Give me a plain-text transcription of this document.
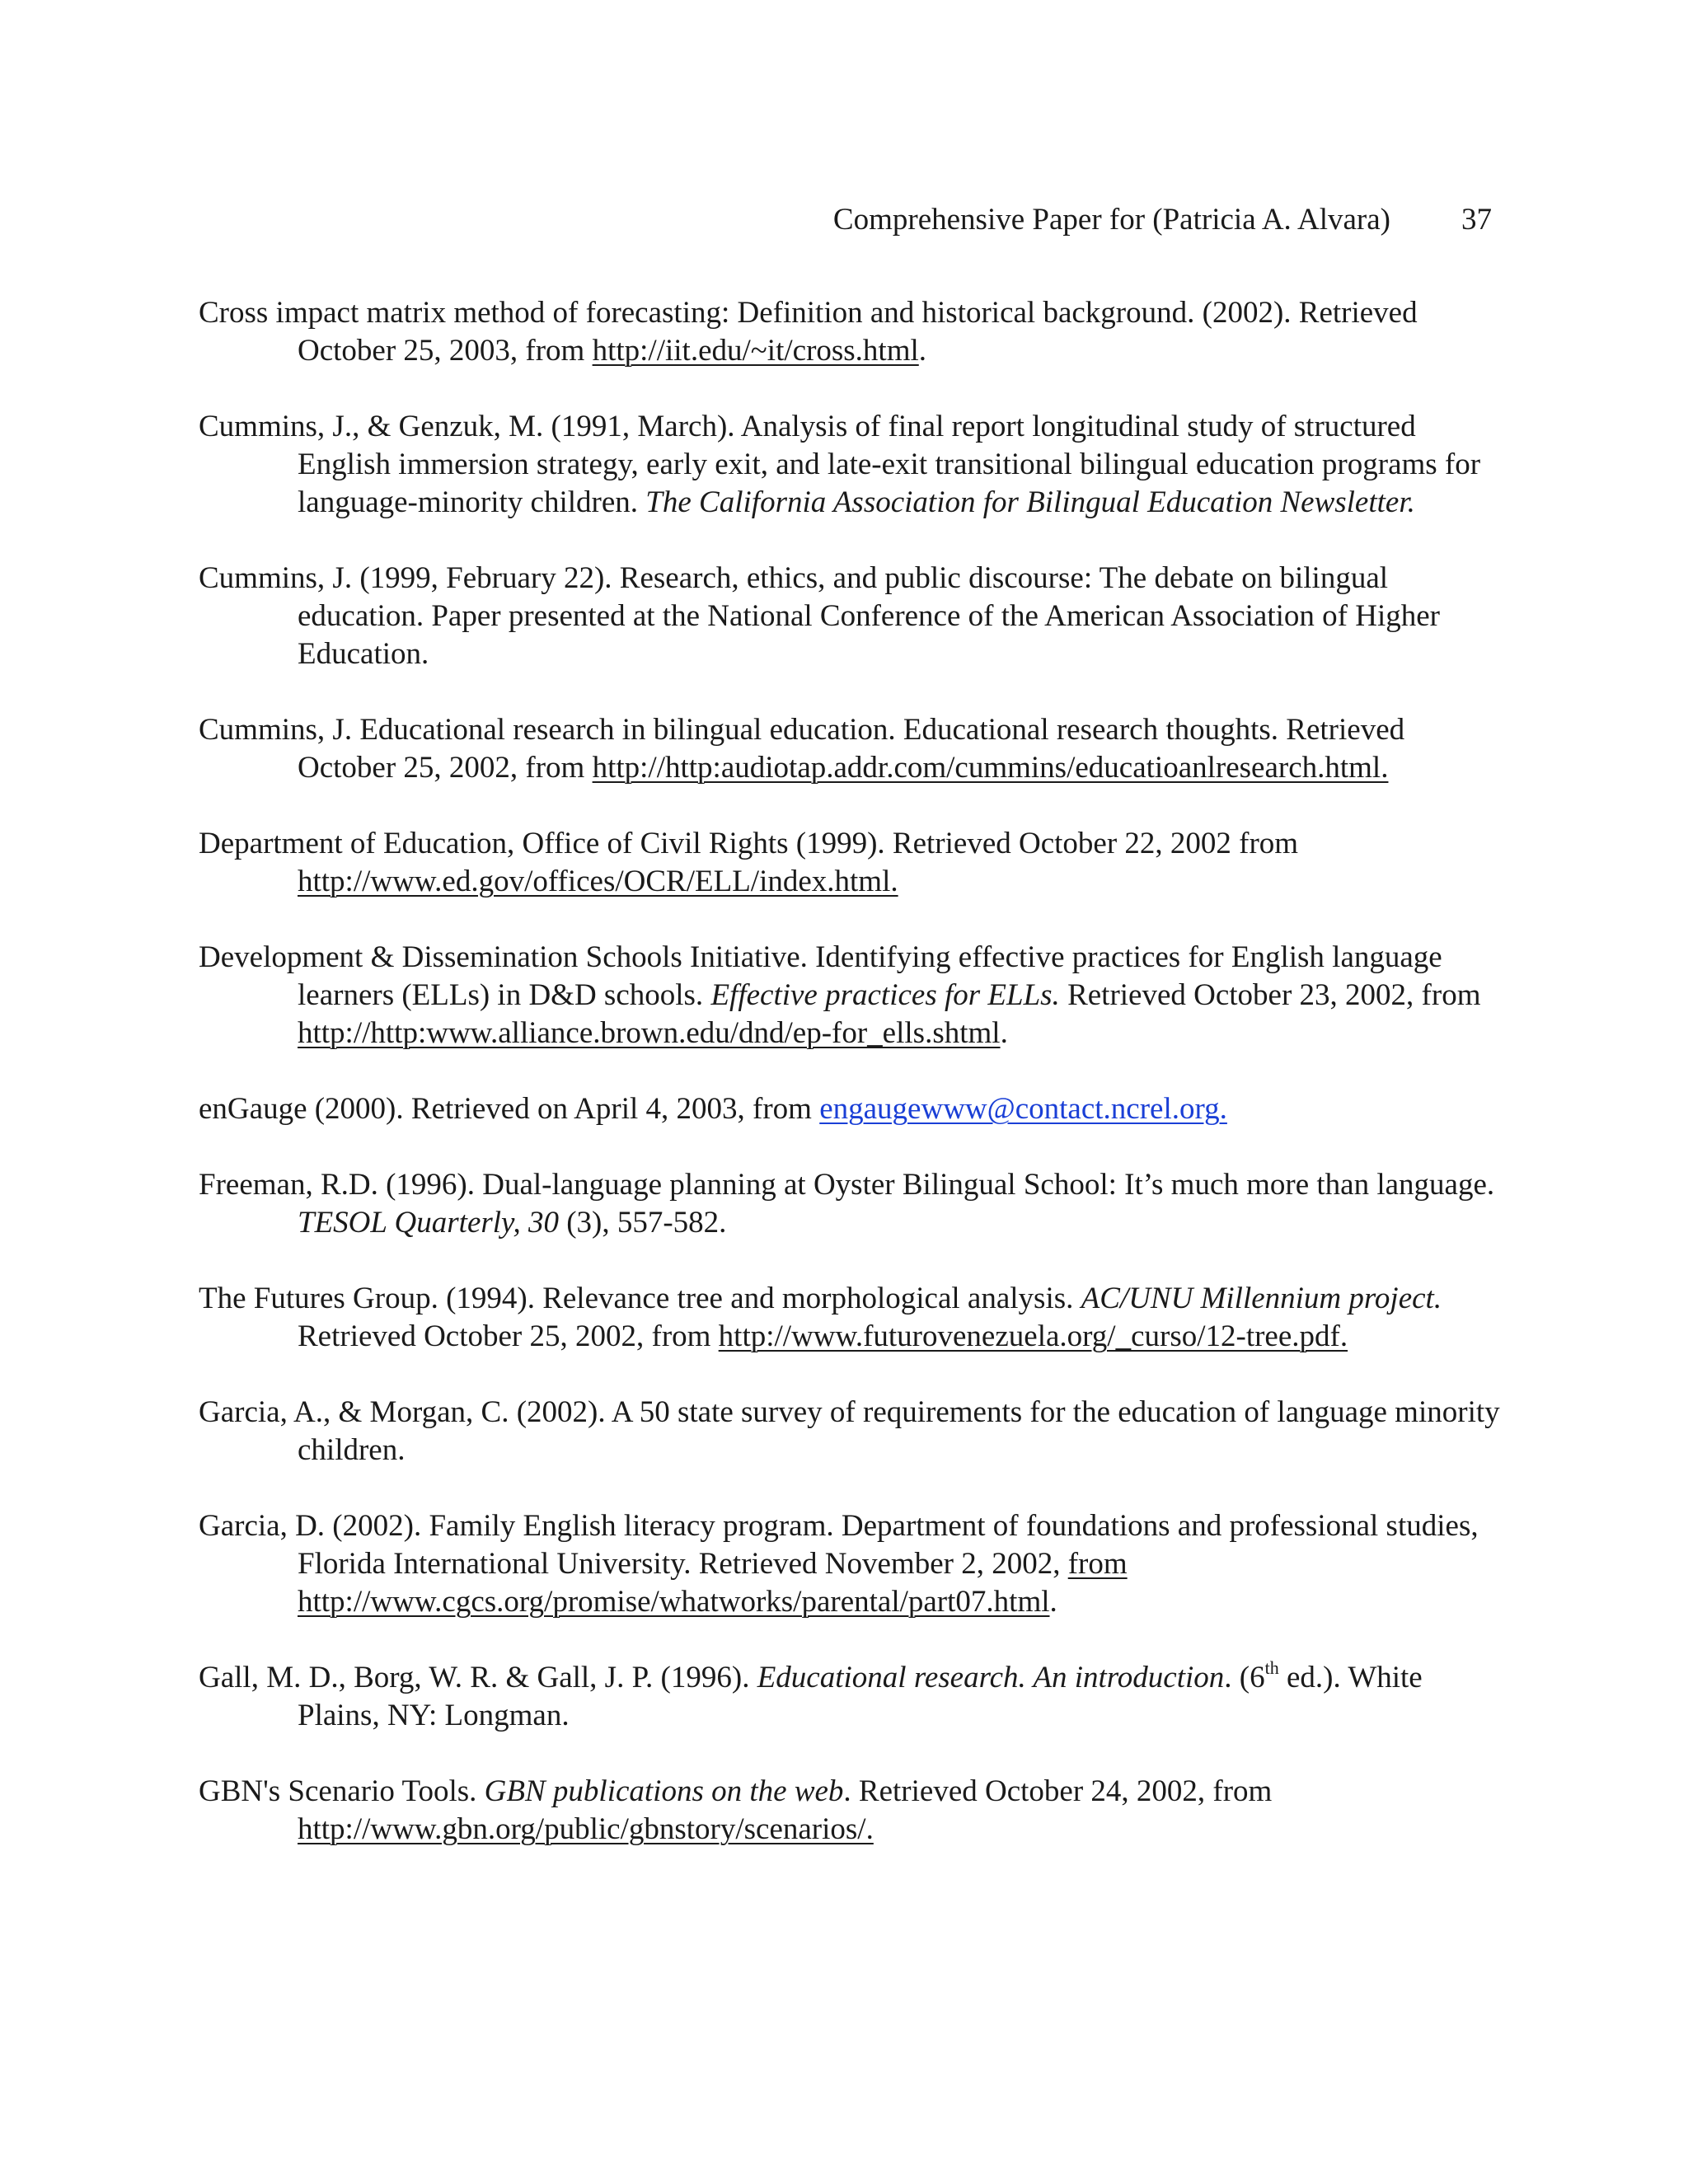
Comprehensive Paper for (Patricia A. Alvara) 37

Cross impact matrix method of forecasting: Definition and historical background. (2002). Retrieved October 25, 2003, from http://iit.edu/~it/cross.html.

Cummins, J., & Genzuk, M. (1991, March). Analysis of final report longitudinal study of structured English immersion strategy, early exit, and late-exit transitional bilingual education programs for language-minority children. The California Association for Bilingual Education Newsletter.

Cummins, J. (1999, February 22). Research, ethics, and public discourse: The debate on bilingual education. Paper presented at the National Conference of the American Association of Higher Education.

Cummins, J. Educational research in bilingual education. Educational research thoughts. Retrieved October 25, 2002, from http://http:audiotap.addr.com/cummins/educatioanlresearch.html.

Department of Education, Office of Civil Rights (1999). Retrieved October 22, 2002 from http://www.ed.gov/offices/OCR/ELL/index.html.

Development & Dissemination Schools Initiative. Identifying effective practices for English language learners (ELLs) in D&D schools. Effective practices for ELLs. Retrieved October 23, 2002, from http://http:www.alliance.brown.edu/dnd/ep-for_ells.shtml.

enGauge (2000). Retrieved on April 4, 2003, from engaugewww@contact.ncrel.org.

Freeman, R.D. (1996). Dual-language planning at Oyster Bilingual School: It’s much more than language. TESOL Quarterly, 30 (3), 557-582.

The Futures Group. (1994). Relevance tree and morphological analysis. AC/UNU Millennium project. Retrieved October 25, 2002, from http://www.futurovenezuela.org/_curso/12-tree.pdf.

Garcia, A., & Morgan, C. (2002). A 50 state survey of requirements for the education of language minority children.

Garcia, D. (2002). Family English literacy program. Department of foundations and professional studies, Florida International University. Retrieved November 2, 2002, from http://www.cgcs.org/promise/whatworks/parental/part07.html.

Gall, M. D., Borg, W. R. & Gall, J. P. (1996). Educational research. An introduction. (6th ed.). White Plains, NY: Longman.

GBN's Scenario Tools. GBN publications on the web. Retrieved October 24, 2002, from http://www.gbn.org/public/gbnstory/scenarios/.
